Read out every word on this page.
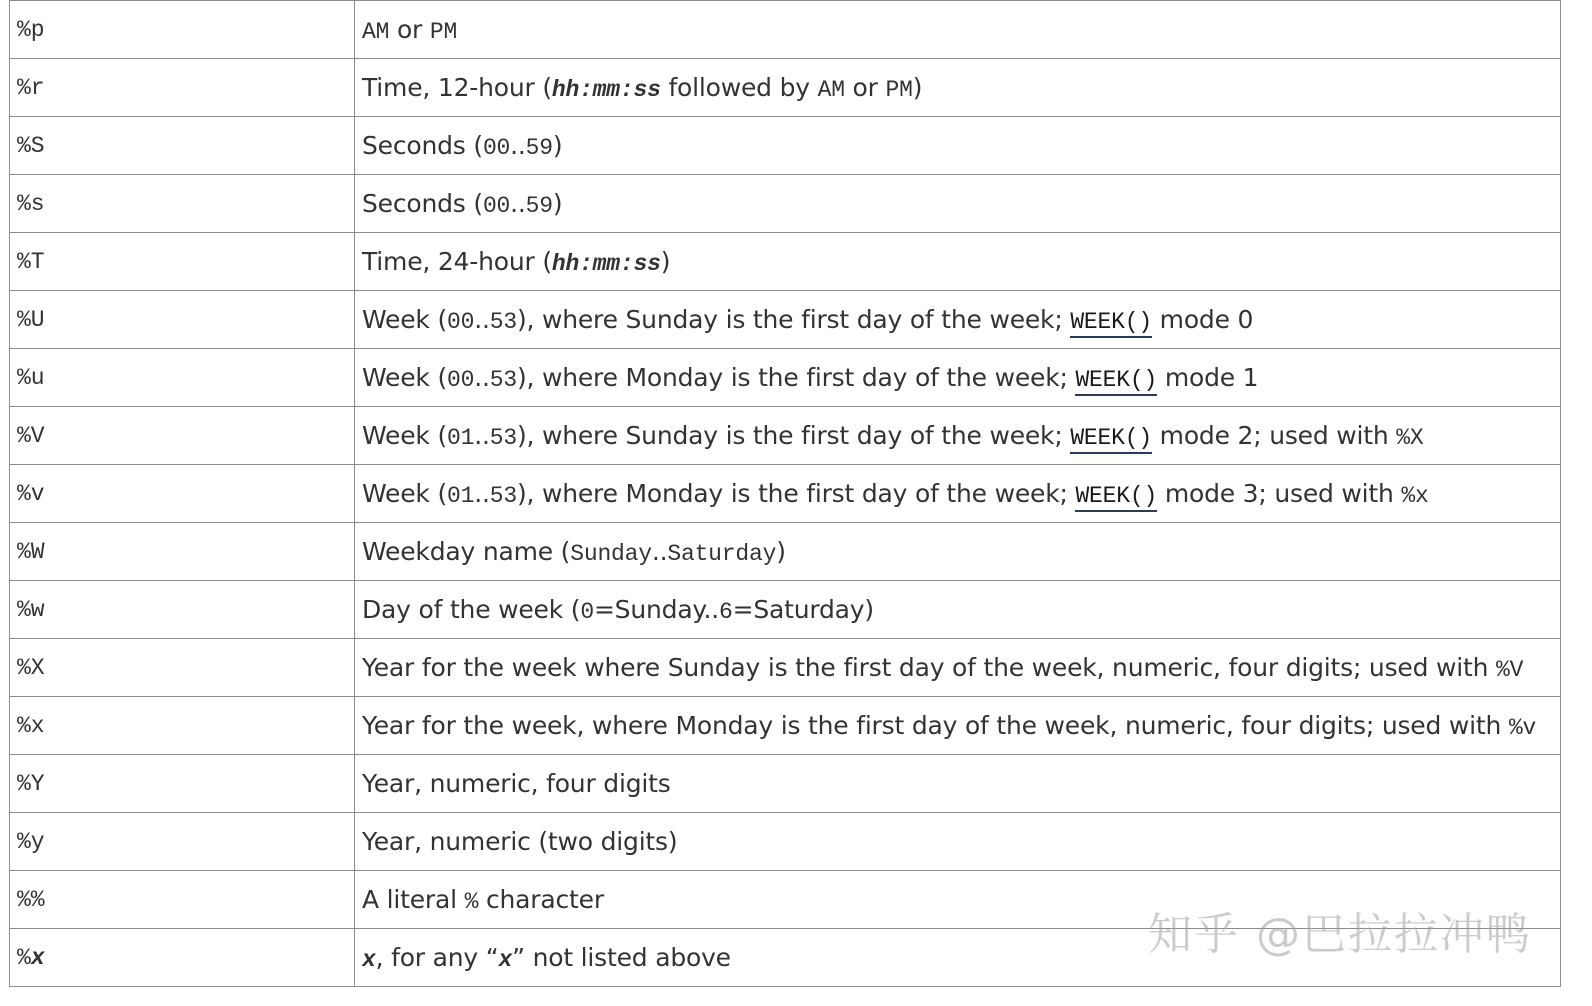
%p	AM or PM
%r	Time, 12-hour (hh:mm:ss followed by AM or PM)
%S	Seconds (00..59)
%s	Seconds (00..59)
%T	Time, 24-hour (hh:mm:ss)
%U	Week (00..53), where Sunday is the first day of the week; WEEK() mode 0
%u	Week (00..53), where Monday is the first day of the week; WEEK() mode 1
%V	Week (01..53), where Sunday is the first day of the week; WEEK() mode 2; used with %X
%v	Week (01..53), where Monday is the first day of the week; WEEK() mode 3; used with %x
%W	Weekday name (Sunday..Saturday)
%w	Day of the week (0=Sunday..6=Saturday)
%X	Year for the week where Sunday is the first day of the week, numeric, four digits; used with %V
%x	Year for the week, where Monday is the first day of the week, numeric, four digits; used with %v
%Y	Year, numeric, four digits
%y	Year, numeric (two digits)
%%	A literal % character
%x	x, for any “x” not listed above	知乎 @巴拉拉冲鸭
